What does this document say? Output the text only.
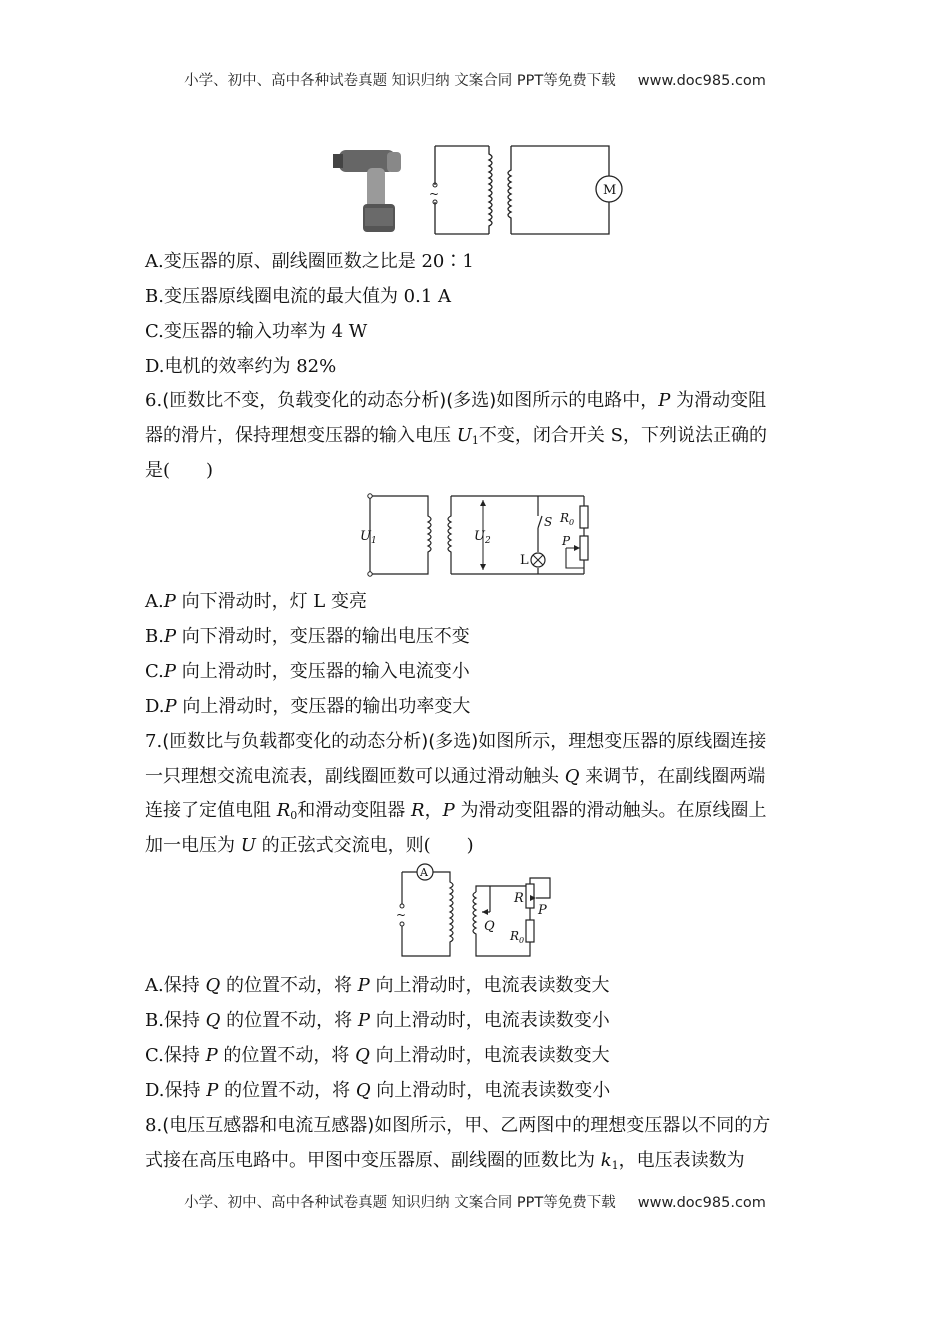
小学、初中、高中各种试卷真题 知识归纳 文案合同 PPT等免费下载 www.doc985.com
~	M
A.变压器的原、副线圈匝数之比是 20∶1
B.变压器原线圈电流的最大值为 0.1 A
C.变压器的输入功率为 4 W
D.电机的效率约为 82%
6.(匝数比不变，负载变化的动态分析)(多选)如图所示的电路中，P 为滑动变阻
器的滑片，保持理想变压器的输入电压 $U_1$不变，闭合开关 S，下列说法正确的
是(　　)
$U_1$	$U_2$
S
L
$R_0$
P
A.P 向下滑动时，灯 L 变亮
B.P 向下滑动时，变压器的输出电压不变
C.P 向上滑动时，变压器的输入电流变小
D.P 向上滑动时，变压器的输出功率变大
7.(匝数比与负载都变化的动态分析)(多选)如图所示，理想变压器的原线圈连接
一只理想交流电流表，副线圈匝数可以通过滑动触头 Q 来调节，在副线圈两端
连接了定值电阻 $R_0$和滑动变阻器 R，P 为滑动变阻器的滑动触头。在原线圈上
加一电压为 U 的正弦式交流电，则(　　)
A
~
R
P
Q
$R_0$
A.保持 Q 的位置不动，将 P 向上滑动时，电流表读数变大
B.保持 Q 的位置不动，将 P 向上滑动时，电流表读数变小
C.保持 P 的位置不动，将 Q 向上滑动时，电流表读数变大
D.保持 P 的位置不动，将 Q 向上滑动时，电流表读数变小
8.(电压互感器和电流互感器)如图所示，甲、乙两图中的理想变压器以不同的方
式接在高压电路中。甲图中变压器原、副线圈的匝数比为 $k_1$，电压表读数为
小学、初中、高中各种试卷真题 知识归纳 文案合同 PPT等免费下载 www.doc985.com
